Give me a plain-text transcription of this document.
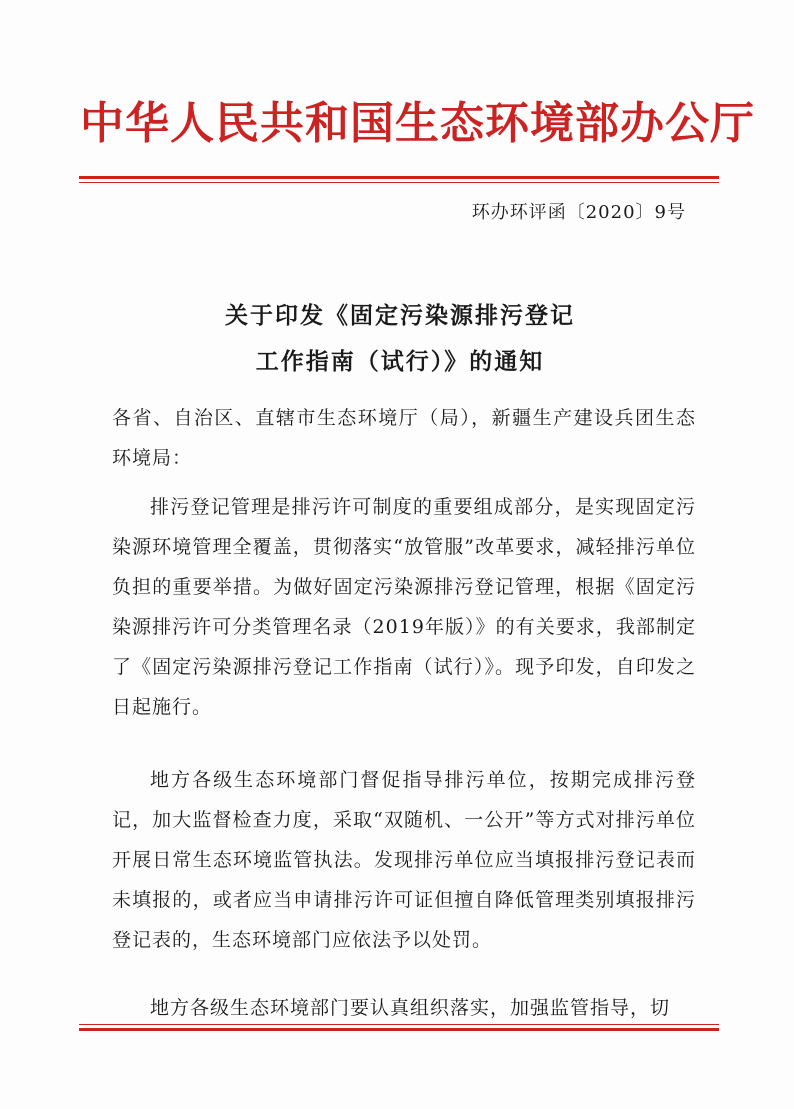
中华人民共和国生态环境部办公厅
环办环评函〔2020〕9号
关于印发《固定污染源排污登记
工作指南（试行）》的通知

各省、自治区、直辖市生态环境厅（局），新疆生产建设兵团生态环境局：

排污登记管理是排污许可制度的重要组成部分，是实现固定污染源环境管理全覆盖，贯彻落实“放管服”改革要求，减轻排污单位负担的重要举措。为做好固定污染源排污登记管理，根据《固定污染源排污许可分类管理名录（2019年版）》的有关要求，我部制定了《固定污染源排污登记工作指南（试行）》。现予印发，自印发之日起施行。

地方各级生态环境部门督促指导排污单位，按期完成排污登记，加大监督检查力度，采取“双随机、一公开”等方式对排污单位开展日常生态环境监管执法。发现排污单位应当填报排污登记表而未填报的，或者应当申请排污许可证但擅自降低管理类别填报排污登记表的，生态环境部门应依法予以处罚。

地方各级生态环境部门要认真组织落实，加强监管指导，切
